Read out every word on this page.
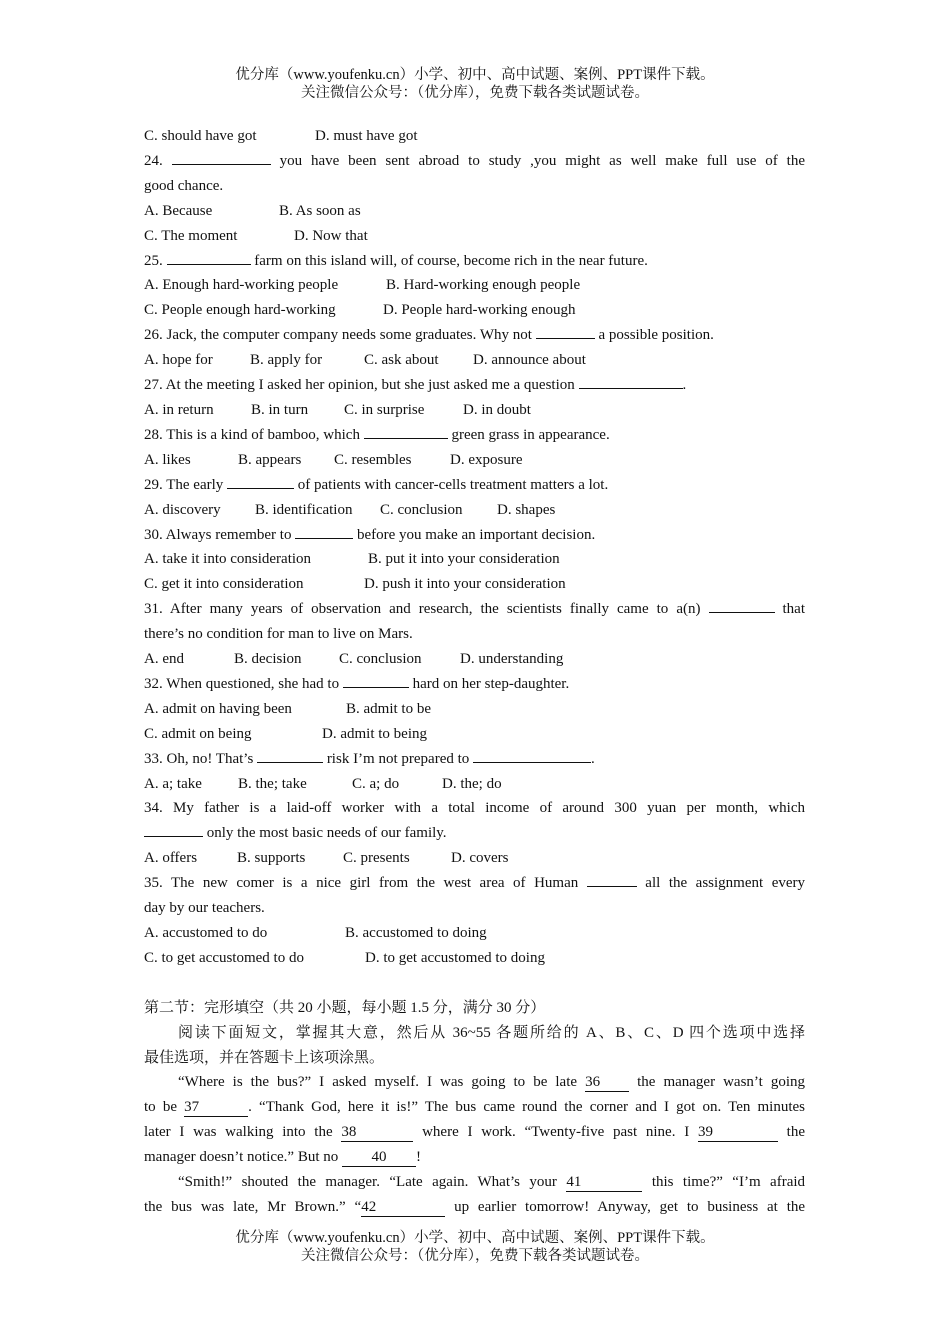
优分库（www.youfenku.cn）小学、初中、高中试题、案例、PPT课件下载。
关注微信公众号：（优分库），免费下载各类试题试卷。
C. should have got	D. must have got
24.	you have been sent abroad to study ,you might as well make full use of the
good chance.
A. Because	B. As soon as
C. The moment	D. Now that
25.	farm on this island will, of course, become rich in the near future.
A. Enough hard-working people	B. Hard-working enough people
C. People enough hard-working	D. People hard-working enough
26. Jack, the computer company needs some graduates. Why not	a possible position.
A. hope for B. apply for	C. ask about D. announce about
27. At the meeting I asked her opinion, but she just asked me a question	.
A. in return B. in turn C. in surprise	D. in doubt
28. This is a kind of bamboo, which	green grass in appearance.
A. likes	B. appears C. resembles	D. exposure
29. The early	of patients with cancer-cells treatment matters a lot.
A. discovery B. identification C. conclusion D. shapes
30. Always remember to	before you make an important decision.
A. take it into consideration	B. put it into your consideration
C. get it into consideration	D. push it into your consideration
31. After many years of observation and research, the scientists finally came to a(n)	that
there’s no condition for man to live on Mars.
A. end	B. decision	C. conclusion	D. understanding
32. When questioned, she had to	hard on her step-daughter.
A. admit on having been	B. admit to be
C. admit on being	D. admit to being
33. Oh, no! That’s	risk I’m not prepared to	.
A. a; take B. the; take	C. a; do	D. the; do
34. My father is a laid-off worker with a total income of around 300 yuan per month, which
only the most basic needs of our family.
A. offers	B. supports	C. presents	D. covers
35. The new comer is a nice girl from the west area of Human	all the assignment every
day by our teachers.
A. accustomed to do	B. accustomed to doing
C. to get accustomed to do	D. to get accustomed to doing
第二节：完形填空（共 20 小题，每小题 1.5 分，满分 30 分）
阅读下面短文，掌握其大意，然后从 36~55 各题所给的 A、B、C、D 四个选项中选择
最佳选项，并在答题卡上该项涂黑。
“Where is the bus?” I asked myself. I was going to be late 36 the manager wasn’t going
to be 37	. “Thank God, here it is!” The bus came round the corner and I got on. Ten minutes
later I was walking into the 38	where I work. “Twenty-five past nine. I 39	the
manager doesn’t notice.” But no 40 !
“Smith!” shouted the manager. “Late again. What’s your 41	this time?” “I’m afraid
the bus was late, Mr Brown.” “42	up earlier tomorrow! Anyway, get to business at the
优分库（www.youfenku.cn）小学、初中、高中试题、案例、PPT课件下载。
关注微信公众号：（优分库），免费下载各类试题试卷。
